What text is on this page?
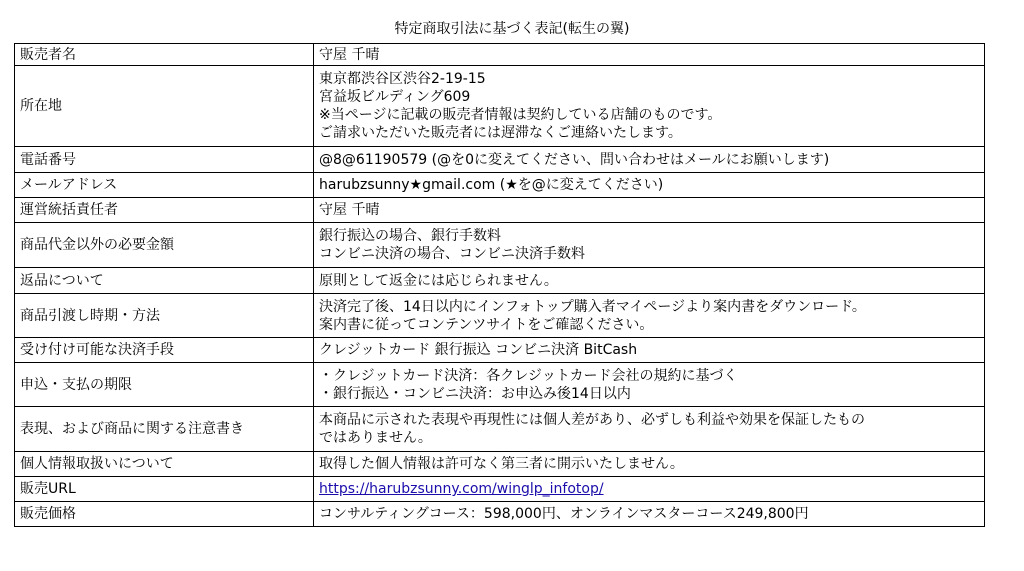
特定商取引法に基づく表記(転生の翼)
販売者名	守屋 千晴

所在地	東京都渋谷区渋谷2-19-15
宮益坂ビルディング609
※当ページに記載の販売者情報は契約している店舗のものです。
ご請求いただいた販売者には遅滞なくご連絡いたします。

電話番号	@8@61190579 (@を0に変えてください、問い合わせはメールにお願いします)

メールアドレス	harubzsunny★gmail.com (★を@に変えてください)

運営統括責任者	守屋 千晴

商品代金以外の必要金額	銀行振込の場合、銀行手数料
コンビニ決済の場合、コンビニ決済手数料

返品について	原則として返金には応じられません。

商品引渡し時期・方法	決済完了後、14日以内にインフォトップ購入者マイページより案内書をダウンロード。
案内書に従ってコンテンツサイトをご確認ください。

受け付け可能な決済手段	クレジットカード 銀行振込 コンビニ決済 BitCash

申込・支払の期限	・クレジットカード決済：各クレジットカード会社の規約に基づく
・銀行振込・コンビニ決済：お申込み後14日以内

表現、および商品に関する注意書き	本商品に示された表現や再現性には個人差があり、必ずしも利益や効果を保証したもの
ではありません。

個人情報取扱いについて	取得した個人情報は許可なく第三者に開示いたしません。

販売URL	https://harubzsunny.com/winglp_infotop/
販売価格	コンサルティングコース：598,000円、オンラインマスターコース249,800円
